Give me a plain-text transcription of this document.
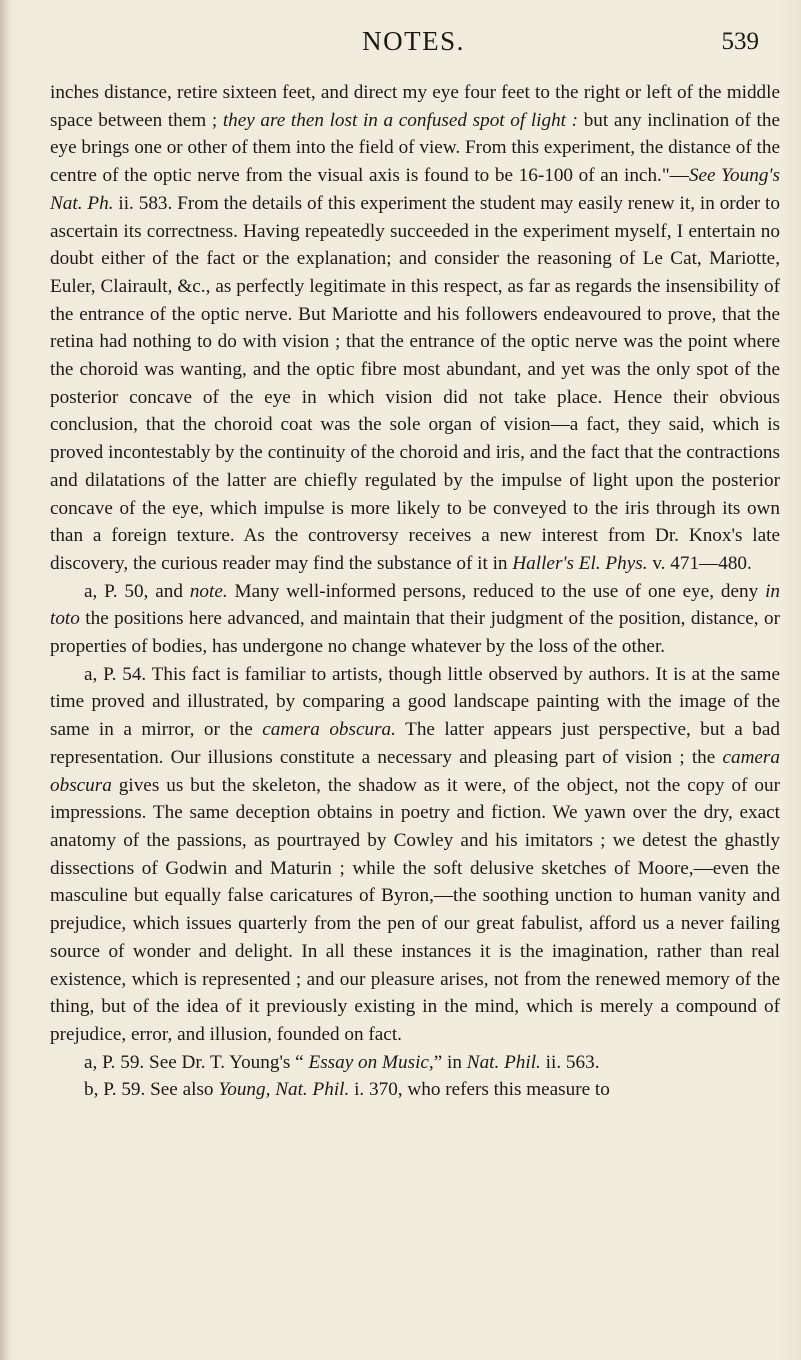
NOTES.	539

inches distance, retire sixteen feet, and direct my eye four feet to the right or left of the middle space between them ; they are then lost in a confused spot of light : but any inclination of the eye brings one or other of them into the field of view. From this experiment, the distance of the centre of the optic nerve from the visual axis is found to be 16-100 of an inch."—See Young's Nat. Ph. ii. 583. From the details of this experiment the student may easily renew it, in order to ascertain its correctness. Having repeatedly succeeded in the experiment myself, I entertain no doubt either of the fact or the explanation; and consider the reasoning of Le Cat, Mariotte, Euler, Clairault, &c., as perfectly legitimate in this respect, as far as regards the insensibility of the entrance of the optic nerve. But Mariotte and his followers endeavoured to prove, that the retina had nothing to do with vision ; that the entrance of the optic nerve was the point where the choroid was wanting, and the optic fibre most abundant, and yet was the only spot of the posterior concave of the eye in which vision did not take place. Hence their obvious conclusion, that the choroid coat was the sole organ of vision—a fact, they said, which is proved incontestably by the continuity of the choroid and iris, and the fact that the contractions and dilatations of the latter are chiefly regulated by the impulse of light upon the posterior concave of the eye, which impulse is more likely to be conveyed to the iris through its own than a foreign texture. As the controversy receives a new interest from Dr. Knox's late discovery, the curious reader may find the substance of it in Haller's El. Phys. v. 471—480.

a, P. 50, and note. Many well-informed persons, reduced to the use of one eye, deny in toto the positions here advanced, and maintain that their judgment of the position, distance, or properties of bodies, has undergone no change whatever by the loss of the other.

a, P. 54. This fact is familiar to artists, though little observed by authors. It is at the same time proved and illustrated, by comparing a good landscape painting with the image of the same in a mirror, or the camera obscura. The latter appears just perspective, but a bad representation. Our illusions constitute a necessary and pleasing part of vision ; the camera obscura gives us but the skeleton, the shadow as it were, of the object, not the copy of our impressions. The same deception obtains in poetry and fiction. We yawn over the dry, exact anatomy of the passions, as pourtrayed by Cowley and his imitators ; we detest the ghastly dissections of Godwin and Maturin ; while the soft delusive sketches of Moore,—even the masculine but equally false caricatures of Byron,—the soothing unction to human vanity and prejudice, which issues quarterly from the pen of our great fabulist, afford us a never failing source of wonder and delight. In all these instances it is the imagination, rather than real existence, which is represented ; and our pleasure arises, not from the renewed memory of the thing, but of the idea of it previously existing in the mind, which is merely a compound of prejudice, error, and illusion, founded on fact.

a, P. 59. See Dr. T. Young's “ Essay on Music,” in Nat. Phil. ii. 563.

b, P. 59. See also Young, Nat. Phil. i. 370, who refers this measure to
